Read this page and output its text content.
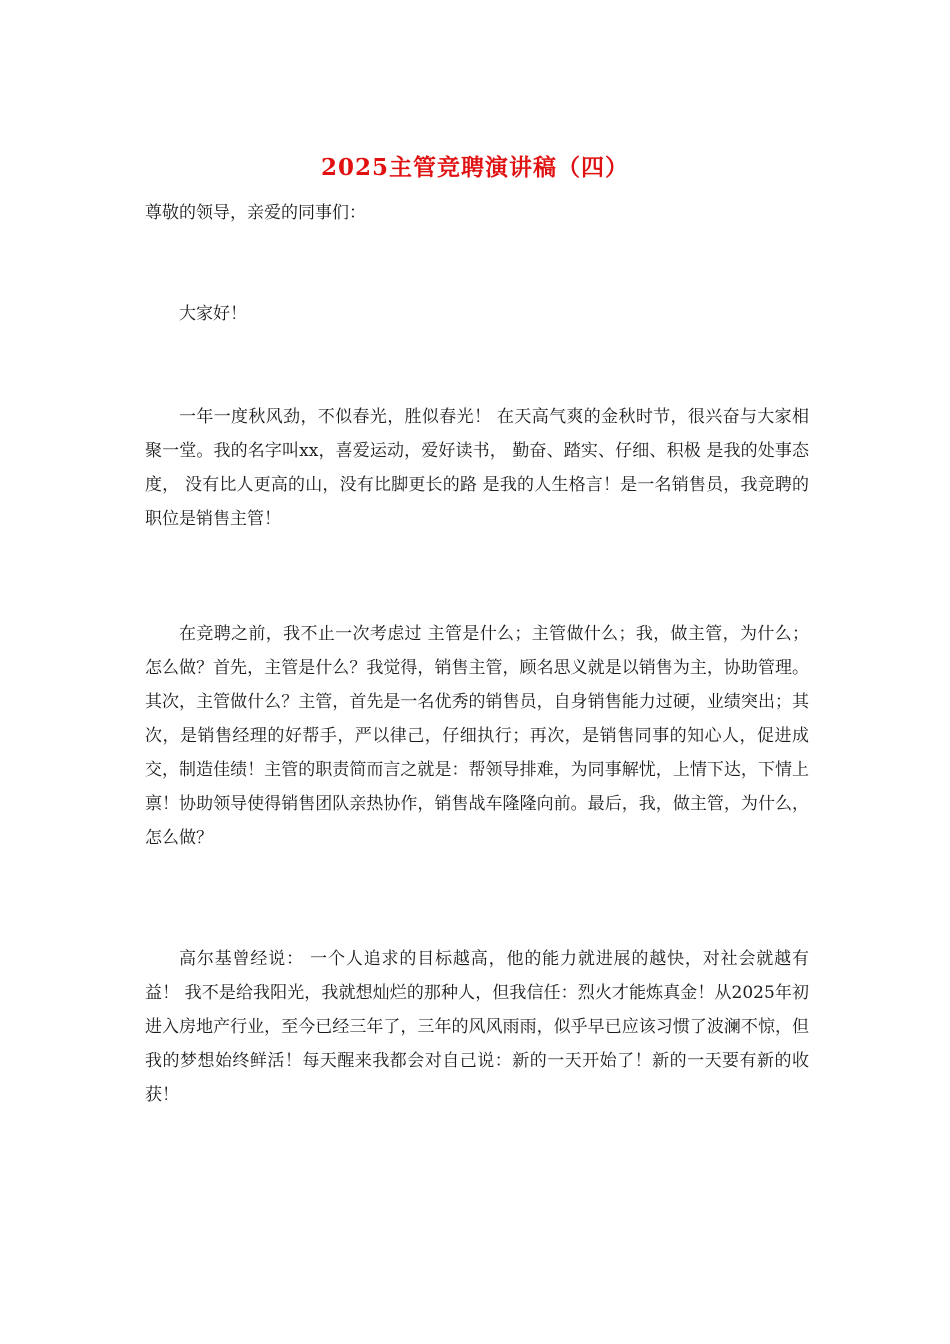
2025主管竞聘演讲稿（四）
尊敬的领导，亲爱的同事们：

大家好！

一年一度秋风劲，不似春光，胜似春光！ 在天高气爽的金秋时节，很兴奋与大家相聚一堂。我的名字叫xx，喜爱运动，爱好读书， 勤奋、踏实、仔细、积极 是我的处事态度， 没有比人更高的山，没有比脚更长的路 是我的人生格言！是一名销售员，我竞聘的职位是销售主管！

在竞聘之前，我不止一次考虑过 主管是什么；主管做什么；我，做主管，为什么；怎么做？首先，主管是什么？我觉得，销售主管，顾名思义就是以销售为主，协助管理。其次，主管做什么？主管，首先是一名优秀的销售员，自身销售能力过硬，业绩突出；其次，是销售经理的好帮手，严以律己，仔细执行；再次，是销售同事的知心人，促进成交，制造佳绩！主管的职责简而言之就是：帮领导排难，为同事解忧，上情下达，下情上禀！协助领导使得销售团队亲热协作，销售战车隆隆向前。最后，我，做主管，为什么，怎么做？

高尔基曾经说： 一个人追求的目标越高，他的能力就进展的越快，对社会就越有益！ 我不是给我阳光，我就想灿烂的那种人，但我信任：烈火才能炼真金！从2025年初进入房地产行业，至今已经三年了，三年的风风雨雨，似乎早已应该习惯了波澜不惊，但我的梦想始终鲜活！每天醒来我都会对自己说：新的一天开始了！新的一天要有新的收获！
